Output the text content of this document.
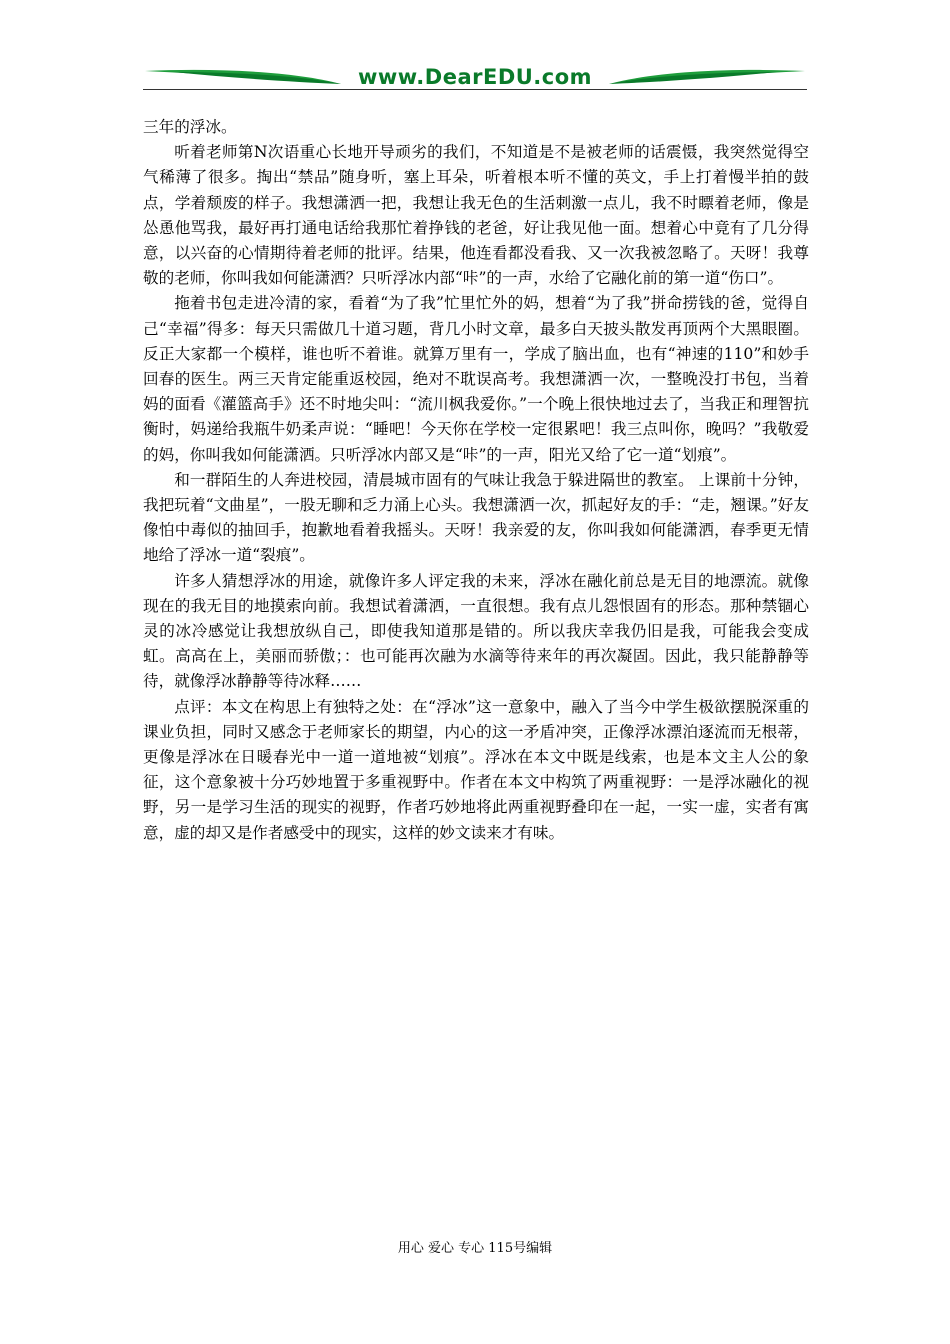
www.DearEDU.com

三年的浮冰。

听着老师第N次语重心长地开导顽劣的我们，不知道是不是被老师的话震慑，我突然觉得空气稀薄了很多。掏出“禁品”随身听，塞上耳朵，听着根本听不懂的英文，手上打着慢半拍的鼓点，学着颓废的样子。我想潇洒一把，我想让我无色的生活刺激一点儿，我不时瞟着老师，像是怂恿他骂我，最好再打通电话给我那忙着挣钱的老爸，好让我见他一面。想着心中竟有了几分得意，以兴奋的心情期待着老师的批评。结果，他连看都没看我、又一次我被忽略了。天呀！我尊敬的老师，你叫我如何能潇洒？只听浮冰内部“咔”的一声，水给了它融化前的第一道“伤口”。

拖着书包走进冷清的家，看着“为了我”忙里忙外的妈，想着“为了我”拼命捞钱的爸，觉得自己“幸福”得多：每天只需做几十道习题，背几小时文章，最多白天披头散发再顶两个大黑眼圈。反正大家都一个模样，谁也听不着谁。就算万里有一，学成了脑出血，也有“神速的110”和妙手回春的医生。两三天肯定能重返校园，绝对不耽误高考。我想潇洒一次，一整晚没打书包，当着妈的面看《灌篮高手》还不时地尖叫：“流川枫我爱你。”一个晚上很快地过去了，当我正和理智抗衡时，妈递给我瓶牛奶柔声说：“睡吧！今天你在学校一定很累吧！我三点叫你，晚吗？”我敬爱的妈，你叫我如何能潇洒。只听浮冰内部又是“咔”的一声，阳光又给了它一道“划痕”。

和一群陌生的人奔进校园，清晨城市固有的气味让我急于躲进隔世的教室。 上课前十分钟，我把玩着“文曲星”，一股无聊和乏力涌上心头。我想潇洒一次，抓起好友的手：“走，翘课。”好友像怕中毒似的抽回手，抱歉地看着我摇头。天呀！我亲爱的友，你叫我如何能潇洒，春季更无情地给了浮冰一道“裂痕”。

许多人猜想浮冰的用途，就像许多人评定我的未来，浮冰在融化前总是无目的地漂流。就像现在的我无目的地摸索向前。我想试着潇洒，一直很想。我有点儿怨恨固有的形态。那种禁锢心灵的冰冷感觉让我想放纵自己，即使我知道那是错的。所以我庆幸我仍旧是我，可能我会变成虹。高高在上，美丽而骄傲；：也可能再次融为水滴等待来年的再次凝固。因此，我只能静静等待，就像浮冰静静等待冰释……

点评：本文在构思上有独特之处：在“浮冰”这一意象中，融入了当今中学生极欲摆脱深重的课业负担，同时又感念于老师家长的期望，内心的这一矛盾冲突，正像浮冰漂泊逐流而无根蒂，更像是浮冰在日暖春光中一道一道地被“划痕”。浮冰在本文中既是线索，也是本文主人公的象征，这个意象被十分巧妙地置于多重视野中。作者在本文中构筑了两重视野：一是浮冰融化的视野，另一是学习生活的现实的视野，作者巧妙地将此两重视野叠印在一起，一实一虚，实者有寓意，虚的却又是作者感受中的现实，这样的妙文读来才有味。

用心 爱心 专心 115号编辑
